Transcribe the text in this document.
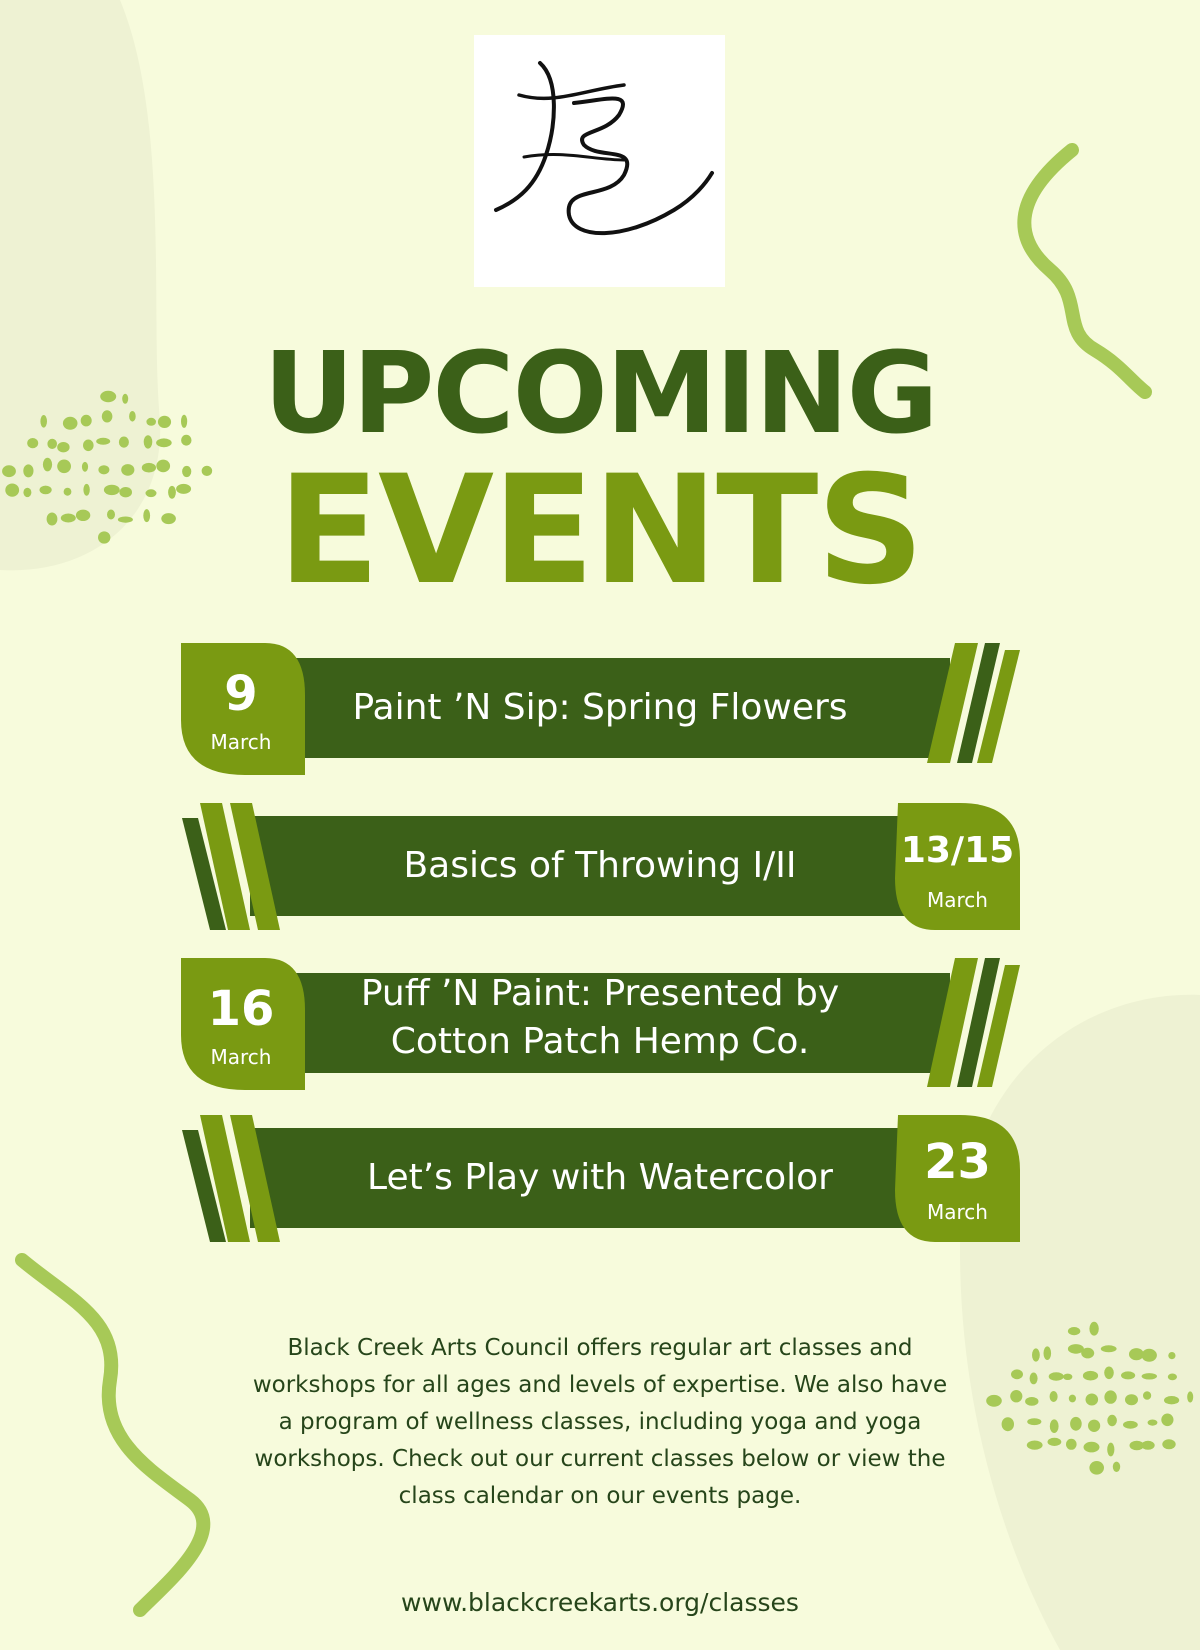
UPCOMING
EVENTS
9
March
Paint ’N Sip: Spring Flowers
13/15
March
Basics of Throwing I/II
16
March
Puff ’N Paint: Presented by Cotton Patch Hemp Co.
23
March
Let’s Play with Watercolor

Black Creek Arts Council offers regular art classes and workshops for all ages and levels of expertise. We also have a program of wellness classes, including yoga and yoga workshops. Check out our current classes below or view the class calendar on our events page.

www.blackcreekarts.org/classes
